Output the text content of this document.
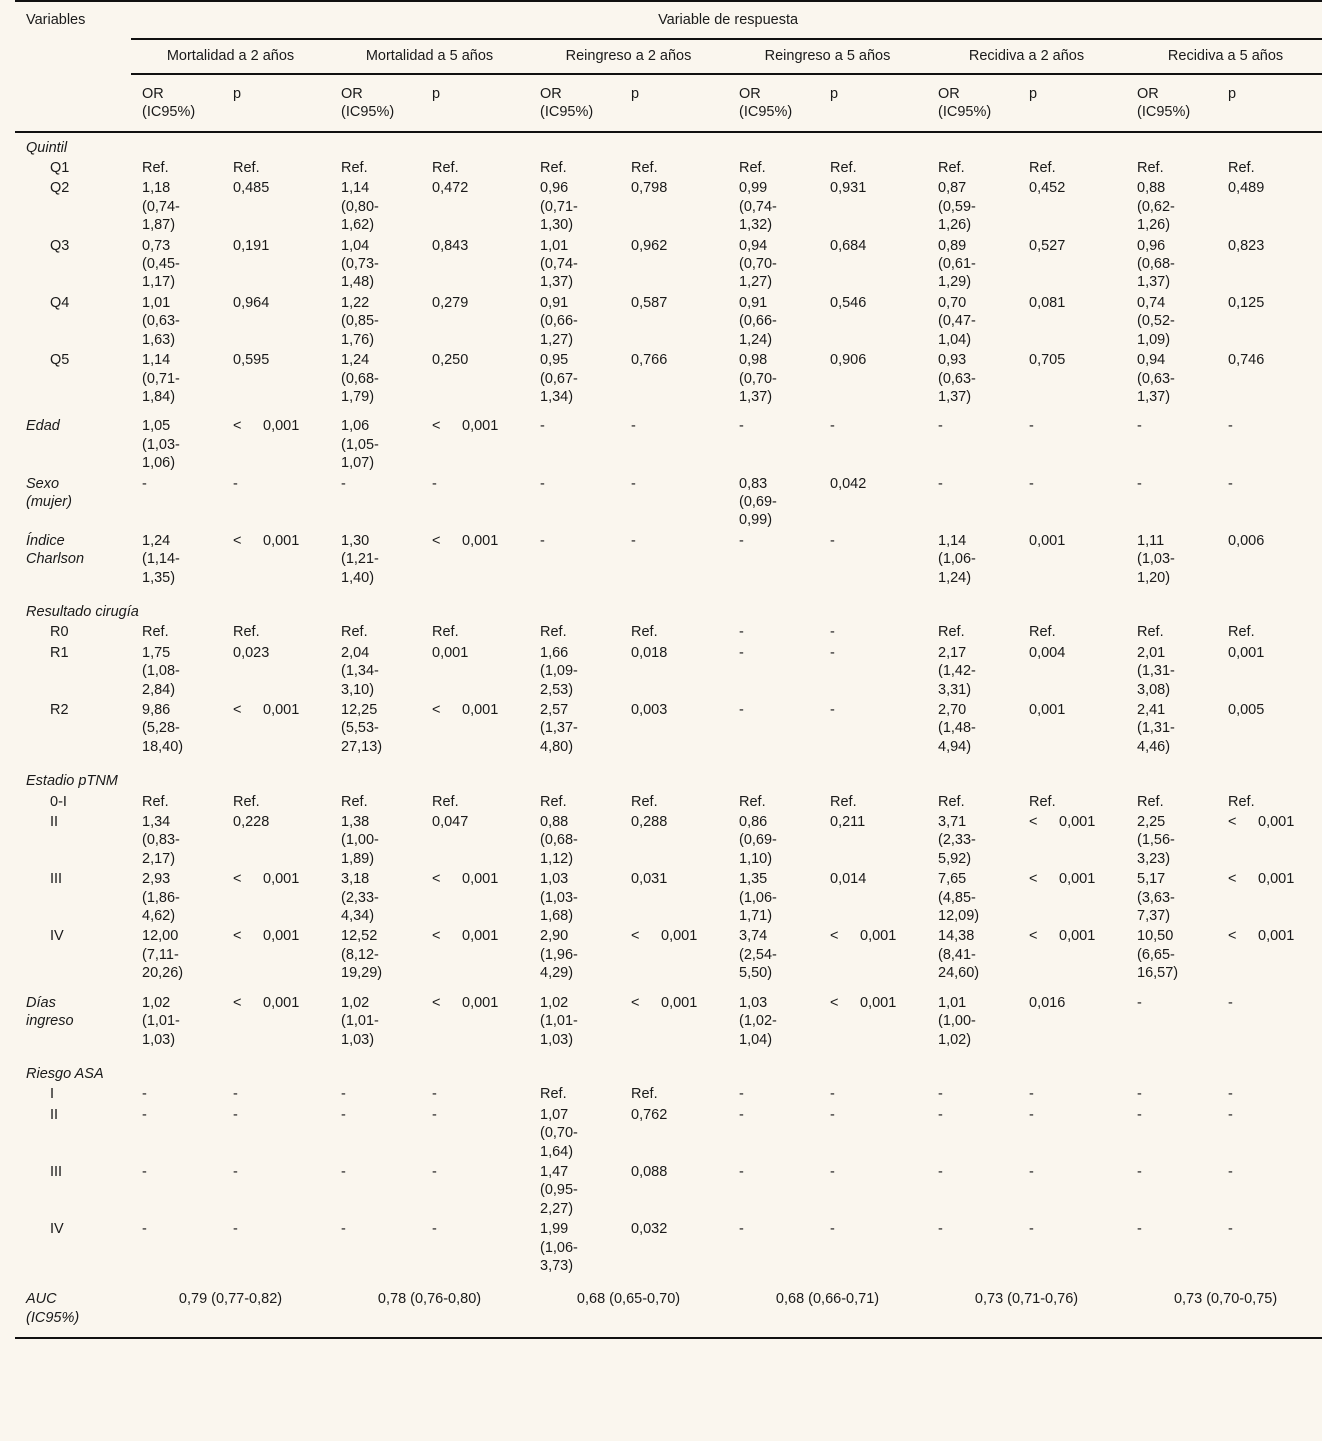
Variables	Variable de respuesta											
	Mortalidad a 2 años		Mortalidad a 5 años		Reingreso a 2 años		Reingreso a 5 años		Recidiva a 2 años		Recidiva a 5 años	

	OR
(IC95%)	p	OR
(IC95%)	p	OR
(IC95%)	p	OR
(IC95%)	p	OR
(IC95%)	p	OR
(IC95%)	p
Quintil												
Q1	Ref.	Ref.	Ref.	Ref.	Ref.	Ref.	Ref.	Ref.	Ref.	Ref.	Ref.	Ref.
Q2	1,18
(0,74-
1,87)	0,485	1,14
(0,80-
1,62)	0,472	0,96
(0,71-
1,30)	0,798	0,99
(0,74-
1,32)	0,931	0,87
(0,59-
1,26)	0,452	0,88
(0,62-
1,26)	0,489
Q3	0,73
(0,45-
1,17)	0,191	1,04
(0,73-
1,48)	0,843	1,01
(0,74-
1,37)	0,962	0,94
(0,70-
1,27)	0,684	0,89
(0,61-
1,29)	0,527	0,96
(0,68-
1,37)	0,823
Q4	1,01
(0,63-
1,63)	0,964	1,22
(0,85-
1,76)	0,279	0,91
(0,66-
1,27)	0,587	0,91
(0,66-
1,24)	0,546	0,70
(0,47-
1,04)	0,081	0,74
(0,52-
1,09)	0,125
Q5	1,14
(0,71-
1,84)	0,595	1,24
(0,68-
1,79)	0,250	0,95
(0,67-
1,34)	0,766	0,98
(0,70-
1,37)	0,906	0,93
(0,63-
1,37)	0,705	0,94
(0,63-
1,37)	0,746

Edad	1,05
(1,03-
1,06)	< 0,001	1,06
(1,05-
1,07)	< 0,001	-	-	-	-	-	-	-	-
Sexo
(mujer)	-	-	-	-	-	-	0,83
(0,69-
0,99)	0,042	-	-	-	-
Índice
Charlson	1,24
(1,14-
1,35)	< 0,001	1,30
(1,21-
1,40)	< 0,001	-	-	-	-	1,14
(1,06-
1,24)	0,001	1,11
(1,03-
1,20)	0,006

Resultado cirugía												
R0	Ref.	Ref.	Ref.	Ref.	Ref.	Ref.	-	-	Ref.	Ref.	Ref.	Ref.
R1	1,75
(1,08-
2,84)	0,023	2,04
(1,34-
3,10)	0,001	1,66
(1,09-
2,53)	0,018	-	-	2,17
(1,42-
3,31)	0,004	2,01
(1,31-
3,08)	0,001
R2	9,86
(5,28-
18,40)	< 0,001	12,25
(5,53-
27,13)	< 0,001	2,57
(1,37-
4,80)	0,003	-	-	2,70
(1,48-
4,94)	0,001	2,41
(1,31-
4,46)	0,005

Estadio pTNM												
0-I	Ref.	Ref.	Ref.	Ref.	Ref.	Ref.	Ref.	Ref.	Ref.	Ref.	Ref.	Ref.
II	1,34
(0,83-
2,17)	0,228	1,38
(1,00-
1,89)	0,047	0,88
(0,68-
1,12)	0,288	0,86
(0,69-
1,10)	0,211	3,71
(2,33-
5,92)	< 0,001	2,25
(1,56-
3,23)	< 0,001
III	2,93
(1,86-
4,62)	< 0,001	3,18
(2,33-
4,34)	< 0,001	1,03
(1,03-
1,68)	0,031	1,35
(1,06-
1,71)	0,014	7,65
(4,85-
12,09)	< 0,001	5,17
(3,63-
7,37)	< 0,001
IV	12,00
(7,11-
20,26)	< 0,001	12,52
(8,12-
19,29)	< 0,001	2,90
(1,96-
4,29)	< 0,001	3,74
(2,54-
5,50)	< 0,001	14,38
(8,41-
24,60)	< 0,001	10,50
(6,65-
16,57)	< 0,001

Días
ingreso	1,02
(1,01-
1,03)	< 0,001	1,02
(1,01-
1,03)	< 0,001	1,02
(1,01-
1,03)	< 0,001	1,03
(1,02-
1,04)	< 0,001	1,01
(1,00-
1,02)	0,016	-	-

Riesgo ASA												
I	-	-	-	-	Ref.	Ref.	-	-	-	-	-	-
II	-	-	-	-	1,07
(0,70-
1,64)	0,762	-	-	-	-	-	-
III	-	-	-	-	1,47
(0,95-
2,27)	0,088	-	-	-	-	-	-
IV	-	-	-	-	1,99
(1,06-
3,73)	0,032	-	-	-	-	-	-
AUC
(IC95%)	0,79 (0,77-0,82)		0,78 (0,76-0,80)		0,68 (0,65-0,70)		0,68 (0,66-0,71)		0,73 (0,71-0,76)		0,73 (0,70-0,75)	
